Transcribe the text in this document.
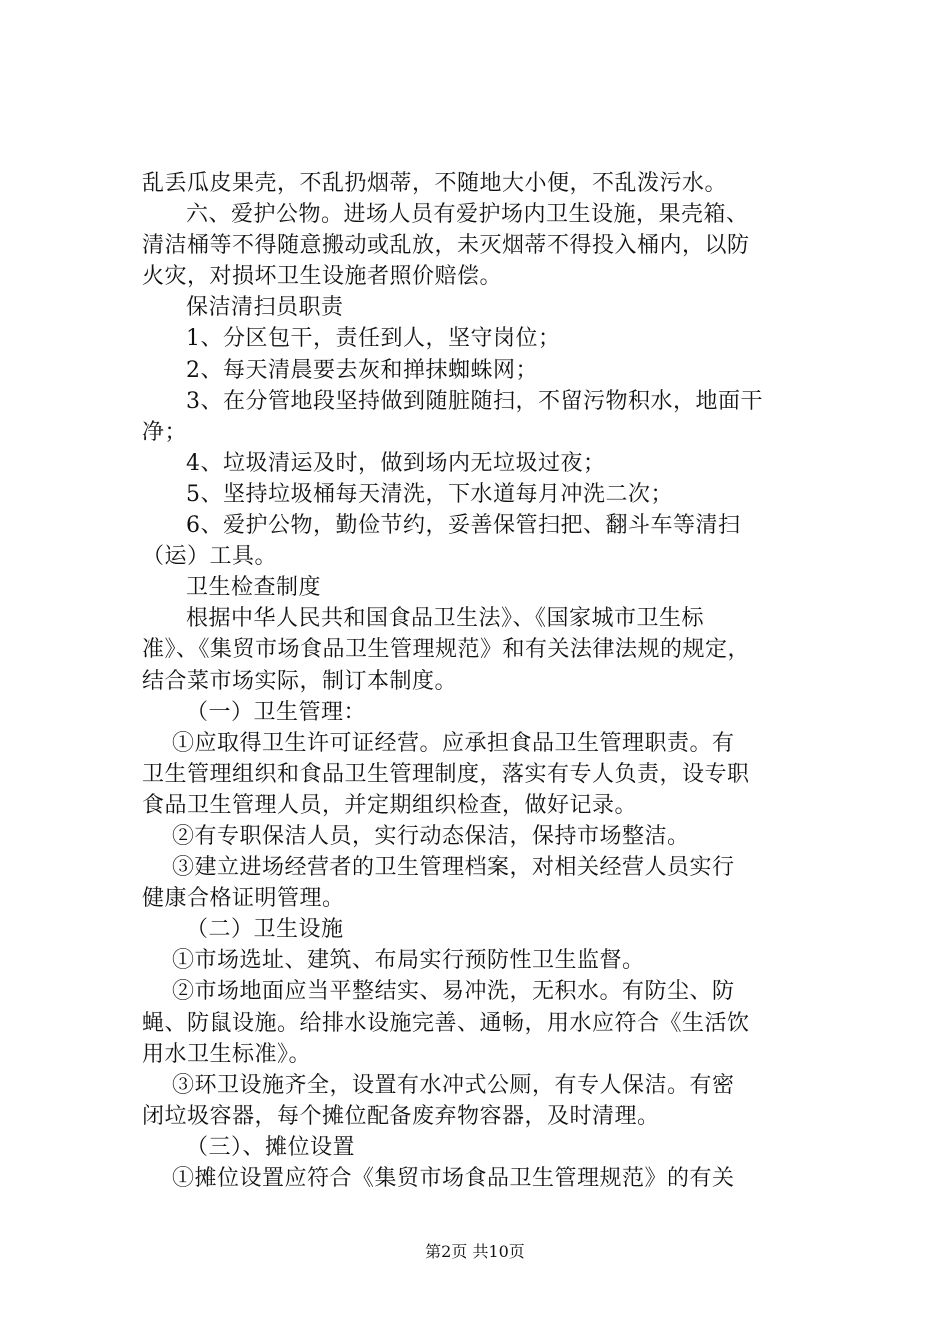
乱丢瓜皮果壳，不乱扔烟蒂，不随地大小便，不乱泼污水。
六、爱护公物。进场人员有爱护场内卫生设施，果壳箱、
清洁桶等不得随意搬动或乱放，未灭烟蒂不得投入桶内，以防
火灾，对损坏卫生设施者照价赔偿。
保洁清扫员职责
1、分区包干，责任到人，坚守岗位；
2、每天清晨要去灰和掸抹蜘蛛网；
3、在分管地段坚持做到随脏随扫，不留污物积水，地面干
净；
4、垃圾清运及时，做到场内无垃圾过夜；
5、坚持垃圾桶每天清洗，下水道每月冲洗二次；
6、爱护公物，勤俭节约，妥善保管扫把、翻斗车等清扫
（运）工具。
卫生检查制度
根据中华人民共和国食品卫生法》、《国家城市卫生标
准》、《集贸市场食品卫生管理规范》和有关法律法规的规定，
结合菜市场实际，制订本制度。
（一）卫生管理：
①应取得卫生许可证经营。应承担食品卫生管理职责。有
卫生管理组织和食品卫生管理制度，落实有专人负责，设专职
食品卫生管理人员，并定期组织检查，做好记录。
②有专职保洁人员，实行动态保洁，保持市场整洁。
③建立进场经营者的卫生管理档案，对相关经营人员实行
健康合格证明管理。
（二）卫生设施
①市场选址、建筑、布局实行预防性卫生监督。
②市场地面应当平整结实、易冲洗，无积水。有防尘、防
蝇、防鼠设施。给排水设施完善、通畅，用水应符合《生活饮
用水卫生标准》。
③环卫设施齐全，设置有水冲式公厕，有专人保洁。有密
闭垃圾容器，每个摊位配备废弃物容器，及时清理。
（三）、摊位设置
①摊位设置应符合《集贸市场食品卫生管理规范》的有关
第2页 共10页
